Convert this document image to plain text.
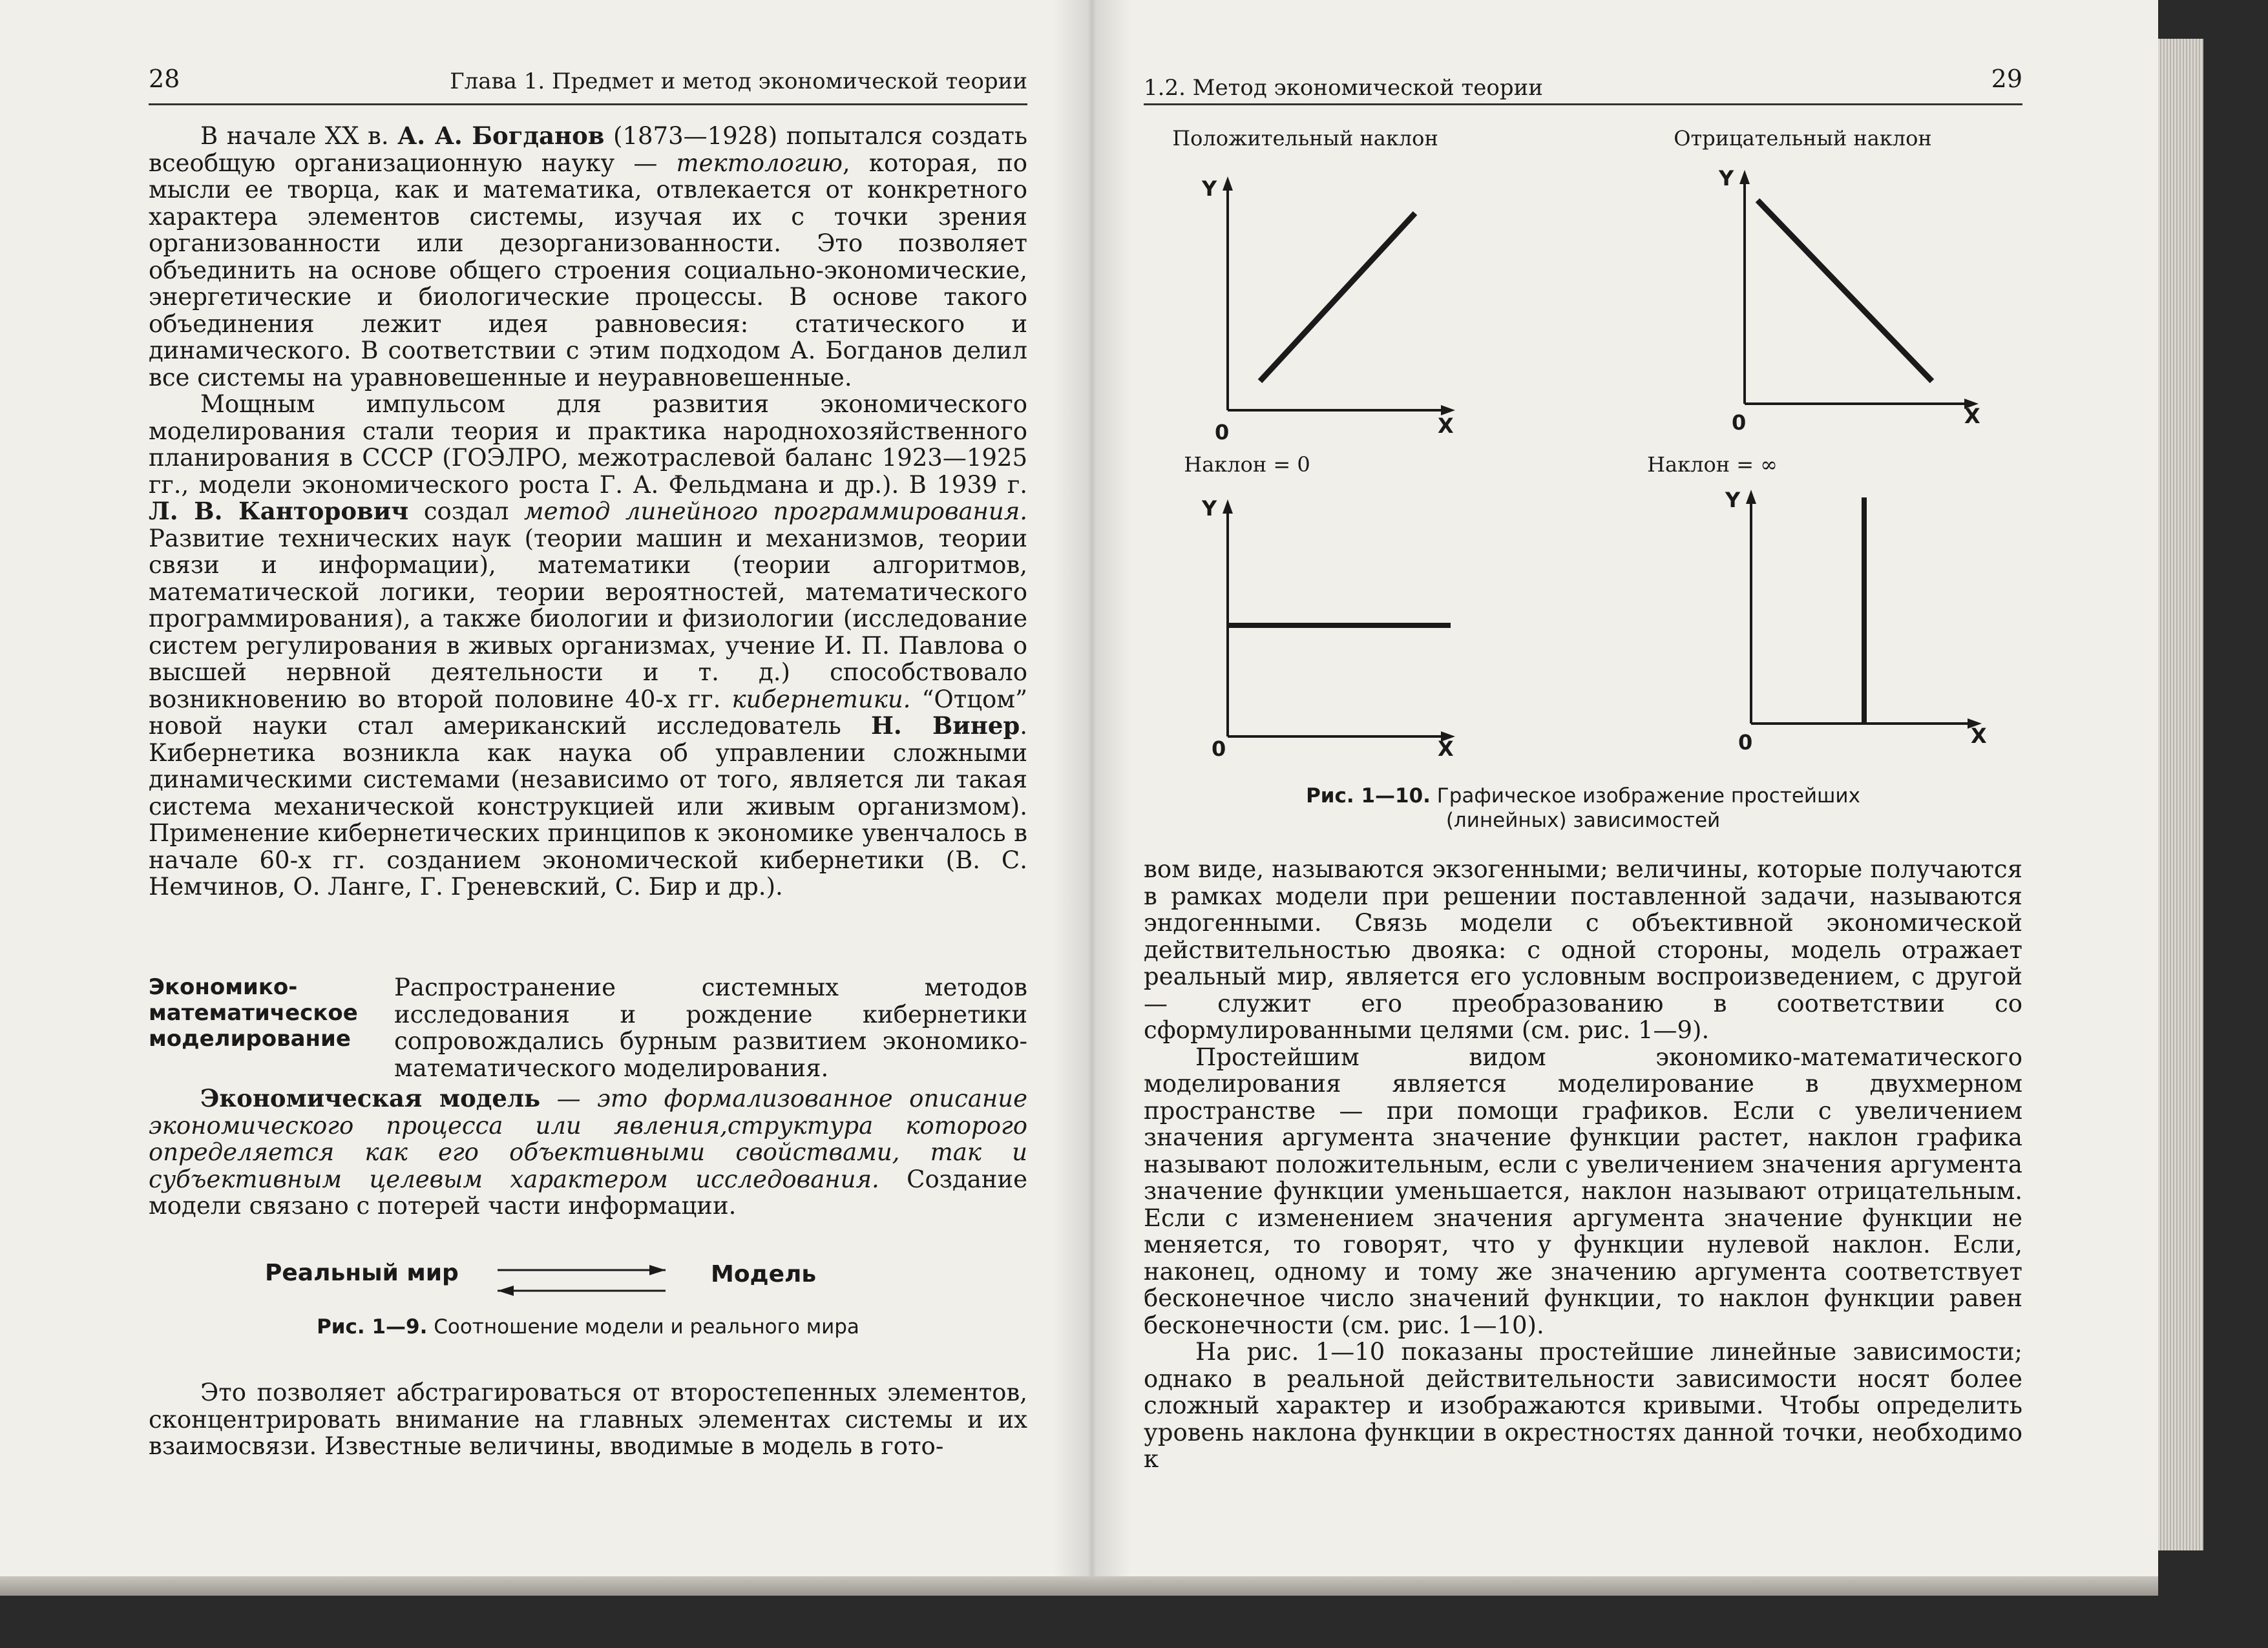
28	Глава 1. Предмет и метод экономической теории

В начале XX в. А. А. Богданов (1873—1928) попытался создать всеобщую организационную науку — тектологию, которая, по мысли ее творца, как и математика, отвлекается от конкретного характера элементов системы, изучая их с точки зрения организованности или дезорганизованности. Это позволяет объединить на основе общего строения социально-экономические, энергетические и биологические процессы. В основе такого объединения лежит идея равновесия: статического и динамического. В соответствии с этим подходом А. Богданов делил все системы на уравновешенные и неуравновешенные.

Мощным импульсом для развития экономического моделирования стали теория и практика народнохозяйственного планирования в СССР (ГОЭЛРО, межотраслевой баланс 1923—1925 гг., модели экономического роста Г. А. Фельдмана и др.). В 1939 г. Л. В. Канторович создал метод линейного программирования. Развитие технических наук (теории машин и механизмов, теории связи и информации), математики (теории алгоритмов, математической логики, теории вероятностей, математического программирования), а также биологии и физиологии (исследование систем регулирования в живых организмах, учение И. П. Павлова о высшей нервной деятельности и т. д.) способствовало возникновению во второй половине 40-х гг. кибернетики. “Отцом” новой науки стал американский исследователь Н. Винер. Кибернетика возникла как наука об управлении сложными динамическими системами (независимо от того, является ли такая система механической конструкцией или живым организмом). Применение кибернетических принципов к экономике увенчалось в начале 60-х гг. созданием экономической кибернетики (В. С. Немчинов, О. Ланге, Г. Греневский, С. Бир и др.).

Экономико-
математическое
моделирование
Распространение системных методов исследования и рождение кибернетики сопровождались бурным развитием экономико-математического моделирования.

Экономическая модель — это формализованное описание экономического процесса или явления,структура которого определяется как его объективными свойствами, так и субъективным целевым характером исследования. Создание модели связано с потерей части информации.

Реальный мир	Модель
Рис. 1—9. Соотношение модели и реального мира

Это позволяет абстрагироваться от второстепенных элементов, сконцентрировать внимание на главных элементах системы и их взаимосвязи. Известные величины, вводимые в модель в гото-

1.2. Метод экономической теории	29
Положительный наклон
Y
X
0
Отрицательный наклон
Y
X
0
Наклон = 0
Y
X
0
Наклон = ∞
Y
X
0
Рис. 1—10. Графическое изображение простейших
(линейных) зависимостей

вом виде, называются экзогенными; величины, которые получаются в рамках модели при решении поставленной задачи, называются эндогенными. Связь модели с объективной экономической действительностью двояка: с одной стороны, модель отражает реальный мир, является его условным воспроизведением, с другой — служит его преобразованию в соответствии со сформулированными целями (см. рис. 1—9).

Простейшим видом экономико-математического моделирования является моделирование в двухмерном пространстве — при помощи графиков. Если с увеличением значения аргумента значение функции растет, наклон графика называют положительным, если с увеличением значения аргумента значение функции уменьшается, наклон называют отрицательным. Если с изменением значения аргумента значение функции не меняется, то говорят, что у функции нулевой наклон. Если, наконец, одному и тому же значению аргумента соответствует бесконечное число значений функции, то наклон функции равен бесконечности (см. рис. 1—10).

На рис. 1—10 показаны простейшие линейные зависимости; однако в реальной действительности зависимости носят более сложный характер и изображаются кривыми. Чтобы определить уровень наклона функции в окрестностях данной точки, необходимо к
